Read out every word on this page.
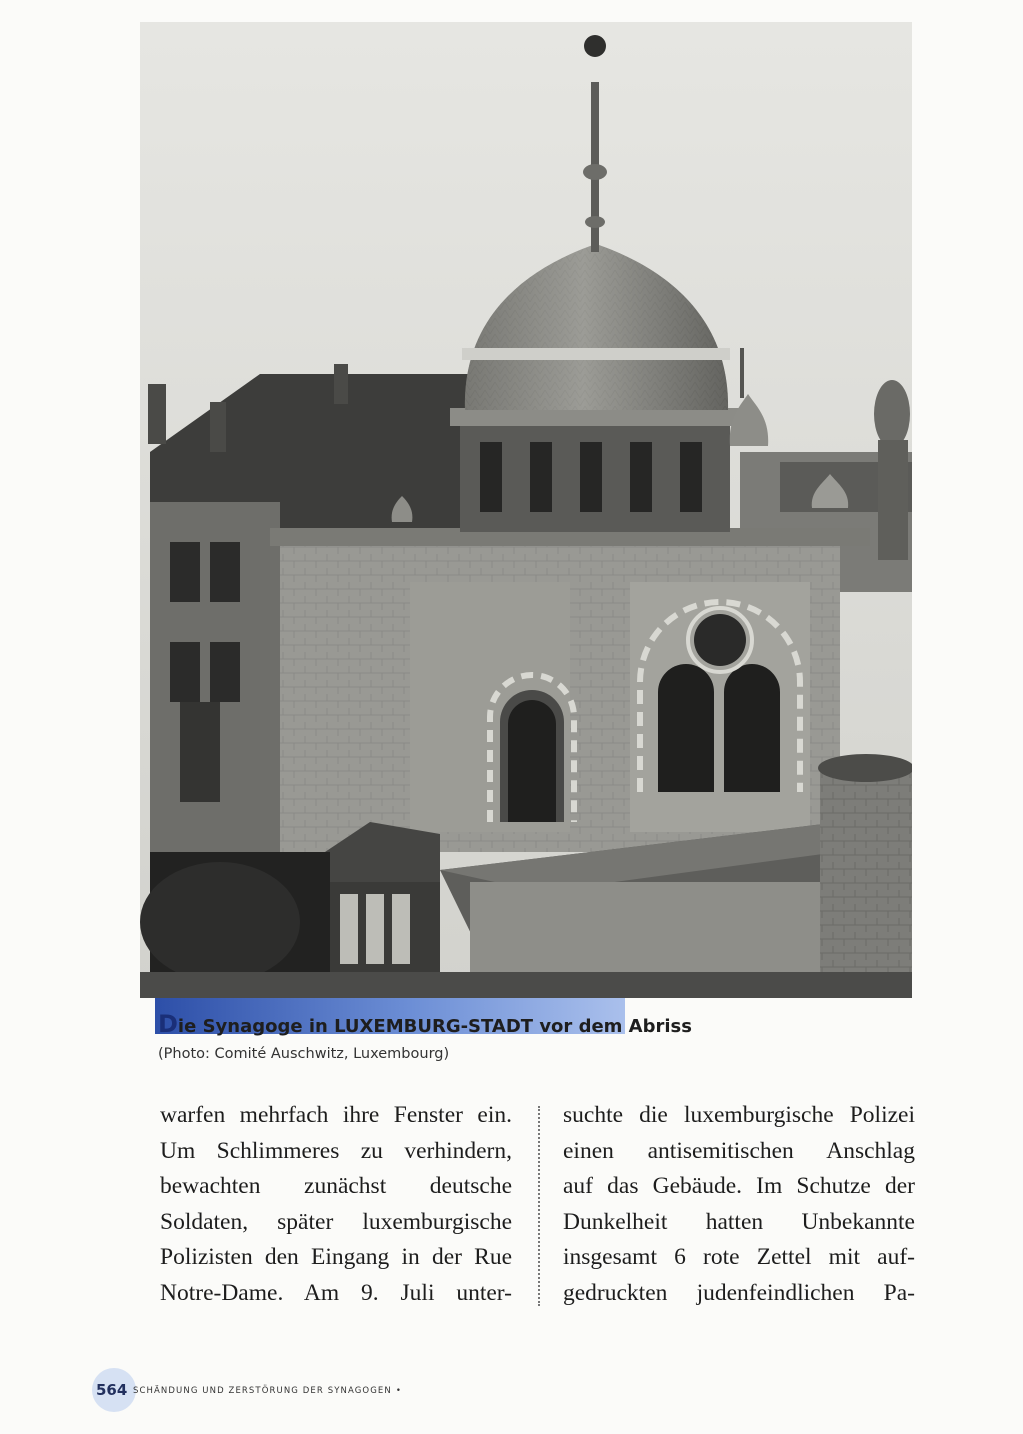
Die Synagoge in LUXEMBURG-STADT vor dem Abriss
(Photo: Comité Auschwitz, Luxembourg)
warfen mehrfach ihre Fenster ein.
Um Schlimmeres zu verhindern,
bewachten zunächst deutsche
Soldaten, später luxemburgische
Polizisten den Eingang in der Rue
Notre-Dame. Am 9. Juli unter-
suchte die luxemburgische Polizei
einen antisemitischen Anschlag
auf das Gebäude. Im Schutze der
Dunkelheit hatten Unbekannte
insgesamt 6 rote Zettel mit auf-
gedruckten judenfeindlichen Pa-
564 SCHÄNDUNG UND ZERSTÖRUNG DER SYNAGOGEN •
